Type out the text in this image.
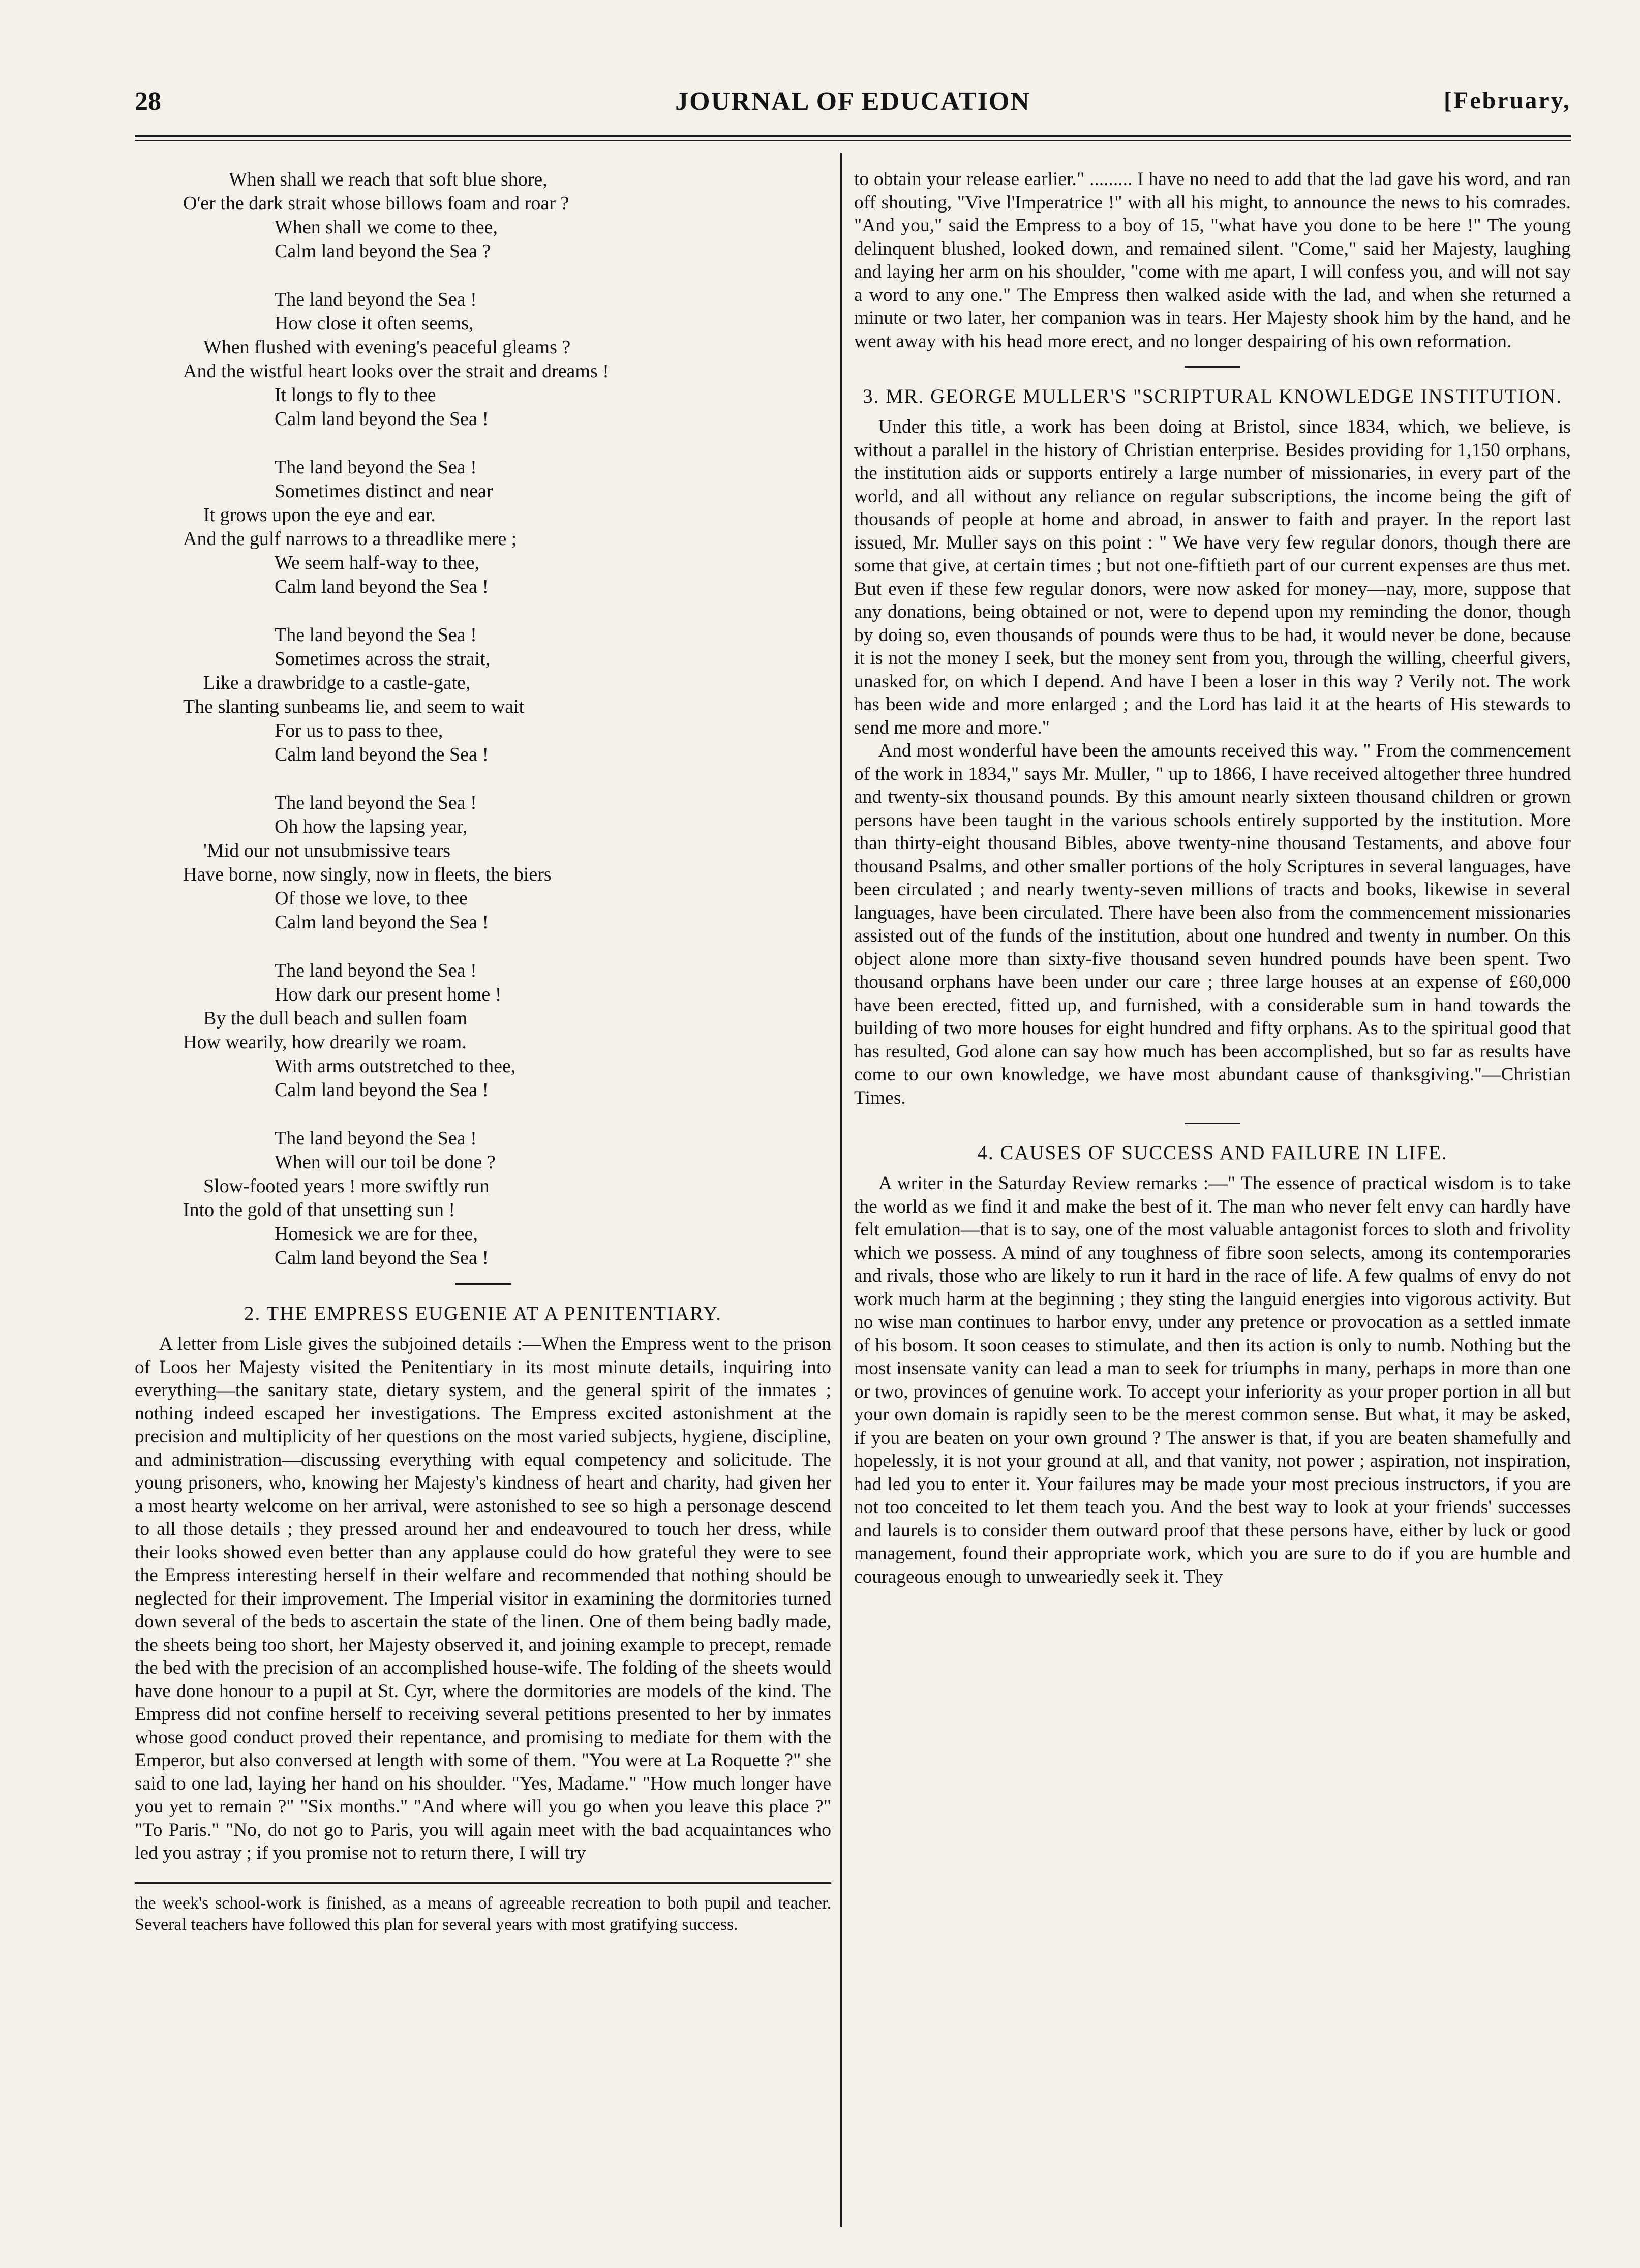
28	JOURNAL OF EDUCATION	[February,
When shall we reach that soft blue shore,
O'er the dark strait whose billows foam and roar ?
When shall we come to thee,
Calm land beyond the Sea ?
The land beyond the Sea !
How close it often seems,
When flushed with evening's peaceful gleams ?
And the wistful heart looks over the strait and dreams !
It longs to fly to thee
Calm land beyond the Sea !
The land beyond the Sea !
Sometimes distinct and near
It grows upon the eye and ear.
And the gulf narrows to a threadlike mere ;
We seem half-way to thee,
Calm land beyond the Sea !
The land beyond the Sea !
Sometimes across the strait,
Like a drawbridge to a castle-gate,
The slanting sunbeams lie, and seem to wait
For us to pass to thee,
Calm land beyond the Sea !
The land beyond the Sea !
Oh how the lapsing year,
'Mid our not unsubmissive tears
Have borne, now singly, now in fleets, the biers
Of those we love, to thee
Calm land beyond the Sea !
The land beyond the Sea !
How dark our present home !
By the dull beach and sullen foam
How wearily, how drearily we roam.
With arms outstretched to thee,
Calm land beyond the Sea !
The land beyond the Sea !
When will our toil be done ?
Slow-footed years ! more swiftly run
Into the gold of that unsetting sun !
Homesick we are for thee,
Calm land beyond the Sea !
2. THE EMPRESS EUGENIE AT A PENITENTIARY.

A letter from Lisle gives the subjoined details :—When the Empress went to the prison of Loos her Majesty visited the Penitentiary in its most minute details, inquiring into everything—the sanitary state, dietary system, and the general spirit of the inmates ; nothing indeed escaped her investigations. The Empress excited astonishment at the precision and multiplicity of her questions on the most varied subjects, hygiene, discipline, and administration—discussing everything with equal competency and solicitude. The young prisoners, who, knowing her Majesty's kindness of heart and charity, had given her a most hearty welcome on her arrival, were astonished to see so high a personage descend to all those details ; they pressed around her and endeavoured to touch her dress, while their looks showed even better than any applause could do how grateful they were to see the Empress interesting herself in their welfare and recommended that nothing should be neglected for their improvement. The Imperial visitor in examining the dormitories turned down several of the beds to ascertain the state of the linen. One of them being badly made, the sheets being too short, her Majesty observed it, and joining example to precept, remade the bed with the precision of an accomplished house-wife. The folding of the sheets would have done honour to a pupil at St. Cyr, where the dormitories are models of the kind. The Empress did not confine herself to receiving several petitions presented to her by inmates whose good conduct proved their repentance, and promising to mediate for them with the Emperor, but also conversed at length with some of them. "You were at La Roquette ?" she said to one lad, laying her hand on his shoulder. "Yes, Madame." "How much longer have you yet to remain ?" "Six months." "And where will you go when you leave this place ?" "To Paris." "No, do not go to Paris, you will again meet with the bad acquaintances who led you astray ; if you promise not to return there, I will try

the week's school-work is finished, as a means of agreeable recreation to both pupil and teacher. Several teachers have followed this plan for several years with most gratifying success.

to obtain your release earlier." ......... I have no need to add that the lad gave his word, and ran off shouting, "Vive l'Imperatrice !" with all his might, to announce the news to his comrades. "And you," said the Empress to a boy of 15, "what have you done to be here !" The young delinquent blushed, looked down, and remained silent. "Come," said her Majesty, laughing and laying her arm on his shoulder, "come with me apart, I will confess you, and will not say a word to any one." The Empress then walked aside with the lad, and when she returned a minute or two later, her companion was in tears. Her Majesty shook him by the hand, and he went away with his head more erect, and no longer despairing of his own reformation.

3. MR. GEORGE MULLER'S "SCRIPTURAL KNOWLEDGE INSTITUTION.

Under this title, a work has been doing at Bristol, since 1834, which, we believe, is without a parallel in the history of Christian enterprise. Besides providing for 1,150 orphans, the institution aids or supports entirely a large number of missionaries, in every part of the world, and all without any reliance on regular subscriptions, the income being the gift of thousands of people at home and abroad, in answer to faith and prayer. In the report last issued, Mr. Muller says on this point : " We have very few regular donors, though there are some that give, at certain times ; but not one-fiftieth part of our current expenses are thus met. But even if these few regular donors, were now asked for money—nay, more, suppose that any donations, being obtained or not, were to depend upon my reminding the donor, though by doing so, even thousands of pounds were thus to be had, it would never be done, because it is not the money I seek, but the money sent from you, through the willing, cheerful givers, unasked for, on which I depend. And have I been a loser in this way ? Verily not. The work has been wide and more enlarged ; and the Lord has laid it at the hearts of His stewards to send me more and more."

And most wonderful have been the amounts received this way. " From the commencement of the work in 1834," says Mr. Muller, " up to 1866, I have received altogether three hundred and twenty-six thousand pounds. By this amount nearly sixteen thousand children or grown persons have been taught in the various schools entirely supported by the institution. More than thirty-eight thousand Bibles, above twenty-nine thousand Testaments, and above four thousand Psalms, and other smaller portions of the holy Scriptures in several languages, have been circulated ; and nearly twenty-seven millions of tracts and books, likewise in several languages, have been circulated. There have been also from the commencement missionaries assisted out of the funds of the institution, about one hundred and twenty in number. On this object alone more than sixty-five thousand seven hundred pounds have been spent. Two thousand orphans have been under our care ; three large houses at an expense of £60,000 have been erected, fitted up, and furnished, with a considerable sum in hand towards the building of two more houses for eight hundred and fifty orphans. As to the spiritual good that has resulted, God alone can say how much has been accomplished, but so far as results have come to our own knowledge, we have most abundant cause of thanksgiving."—Christian Times.

4. CAUSES OF SUCCESS AND FAILURE IN LIFE.

A writer in the Saturday Review remarks :—" The essence of practical wisdom is to take the world as we find it and make the best of it. The man who never felt envy can hardly have felt emulation—that is to say, one of the most valuable antagonist forces to sloth and frivolity which we possess. A mind of any toughness of fibre soon selects, among its contemporaries and rivals, those who are likely to run it hard in the race of life. A few qualms of envy do not work much harm at the beginning ; they sting the languid energies into vigorous activity. But no wise man continues to harbor envy, under any pretence or provocation as a settled inmate of his bosom. It soon ceases to stimulate, and then its action is only to numb. Nothing but the most insensate vanity can lead a man to seek for triumphs in many, perhaps in more than one or two, provinces of genuine work. To accept your inferiority as your proper portion in all but your own domain is rapidly seen to be the merest common sense. But what, it may be asked, if you are beaten on your own ground ? The answer is that, if you are beaten shamefully and hopelessly, it is not your ground at all, and that vanity, not power ; aspiration, not inspiration, had led you to enter it. Your failures may be made your most precious instructors, if you are not too conceited to let them teach you. And the best way to look at your friends' successes and laurels is to consider them outward proof that these persons have, either by luck or good management, found their appropriate work, which you are sure to do if you are humble and courageous enough to unweariedly seek it. They
